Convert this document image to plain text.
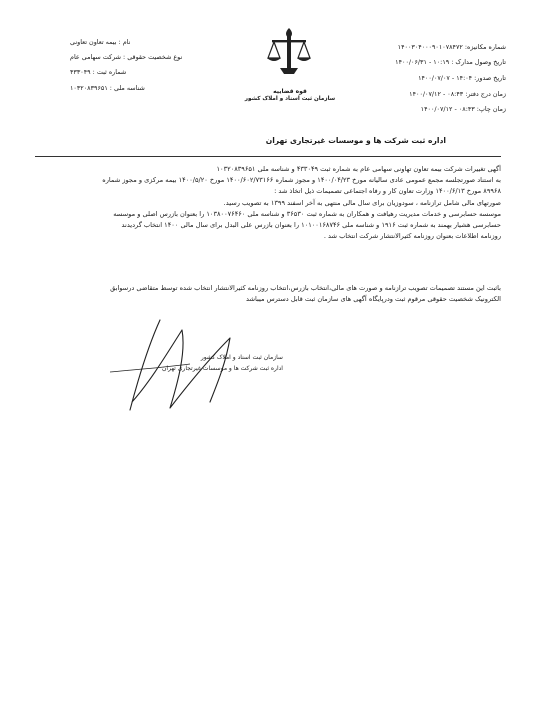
نام : بیمه تعاون تعاونی
نوع شخصیت حقوقی : شرکت سهامی عام
شماره ثبت : ۴۳۳۰۴۹
شناسه ملی : ۱۰۳۲۰۸۳۹۶۵۱	قوه قضاییه
سازمان ثبت اسناد و املاک کشور
شماره مکانیزه: ۱۴۰۰۳۰۴۰۰۰۹۰۱۰۷۸۴۷۲
تاریخ وصول مدارک : ۱۰:۱۹ - ۱۴۰۰/۰۶/۳۱
تاریخ صدور: ۱۴:۰۴ - ۱۴۰۰/۰۷/۰۷
زمان درج دفتر: ۰۸:۴۳ - ۱۴۰۰/۰۷/۱۲
زمان چاپ: ۰۸:۴۳ - ۱۴۰۰/۰۷/۱۲
اداره ثبت شرکت ها و موسسات غیرتجاری تهران
آگهی تغییرات شرکت بیمه تعاون تهاونی سهامی عام به شماره ثبت ۴۳۳۰۴۹ و شناسه ملی ۱۰۳۲۰۸۳۹۶۵۱
به استناد صورتجلسه مجمع عمومی عادی سالیانه مورخ ۱۴۰۰/۰۴/۲۳ و مجوز شماره ۱۴۰۰/۶۰۲/۷۳۱۶۶ مورخ ۱۴۰۰/۵/۲۰ بیمه مرکزی و مجوز شماره
۸۹۹۶۸ مورخ ۱۴۰۰/۶/۱۳ وزارت تعاون کار و رفاه اجتماعی تصمیمات ذیل اتخاذ شد :
صورتهای مالی شامل ترازنامه ، سودوزیان برای سال مالی منتهی به آخر اسفند ۱۳۹۹ به تصویب رسید.
موسسه حسابرسی و خدمات مدیریت رهیافت و همکاران به شماره ثبت ۳۶۵۳۰ و شناسه ملی ۱۰۳۸۰۰۷۶۴۶۰ را بعنوان بازرس اصلی و موسسه
حسابرسی هشیار بهمند به شماره ثبت ۱۹۱۶ و شناسه ملی ۱۰۱۰۰۱۶۸۷۴۶ را بعنوان بازرس علی البدل برای سال مالی ۱۴۰۰ انتخاب گردیدند
روزنامه اطلاعات بعنوان روزنامه کثیرالانتشار شرکت انتخاب شد .
باثبت این مستند تصمیمات تصویب ترازنامه و صورت های مالی،انتخاب بازرس،انتخاب روزنامه کثیرالانتشار انتخاب شده توسط متقاضی درسوابق
الکترونیک شخصیت حقوقی مرقوم ثبت ودرپایگاه آگهی های سازمان ثبت قابل دسترس میباشد
سازمان ثبت اسناد و املاک کشور
اداره ثبت شرکت ها و موسسات غیرتجاری تهران
